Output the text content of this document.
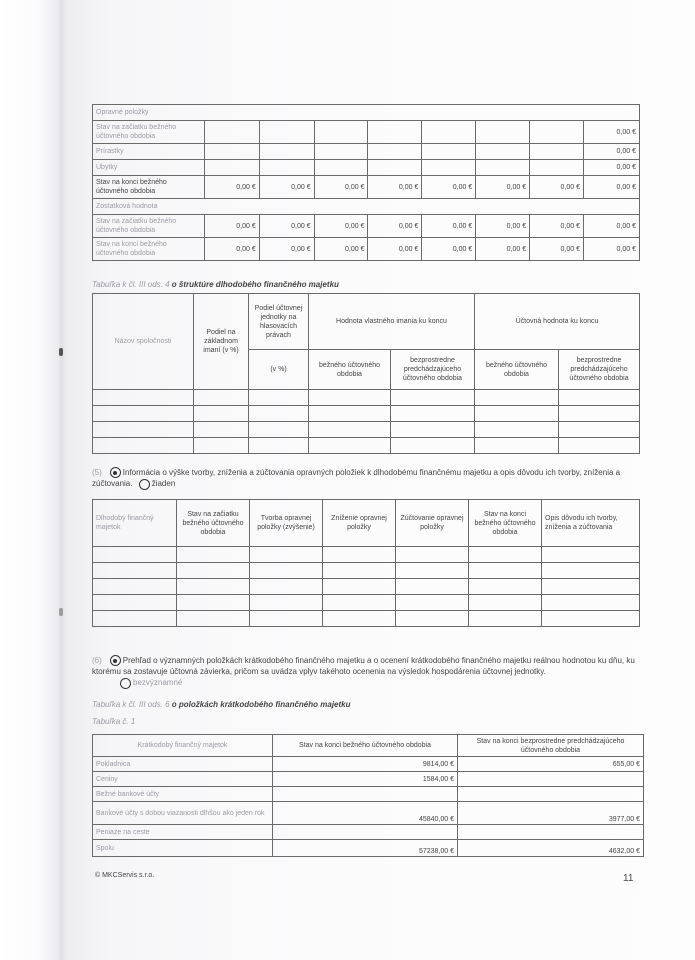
Opravné položky								
Stav na začiatku bežného účtovného obdobia								0,00 €
Prírastky								0,00 €
Úbytky								0,00 €
Stav na konci bežného účtovného obdobia	0,00 €	0,00 €	0,00 €	0,00 €	0,00 €	0,00 €	0,00 €	0,00 €
Zostatková hodnota								
Stav na začiatku bežného účtovného obdobia	0,00 €	0,00 €	0,00 €	0,00 €	0,00 €	0,00 €	0,00 €	0,00 €
Stav na konci bežného účtovného obdobia	0,00 €	0,00 €	0,00 €	0,00 €	0,00 €	0,00 €	0,00 €	0,00 €
Tabuľka k čl. III ods. 4 o štruktúre dlhodobého finančného majetku
Názov spoločnosti	Podiel na základnom imaní (v %)	Podiel účtovnej jednotky na hlasovacích právach	Hodnota vlastného imania ku koncu		Účtovná hodnota ku koncu	
		(v %)	bežného účtovného obdobia	bezprostredne predchádzajúceho účtovného obdobia	bežného účtovného obdobia	bezprostredne predchádzajúceho účtovného obdobia

(5)	Informácia o výške tvorby, zníženia a zúčtovania opravných položiek k dlhodobému finančnému majetku a opis dôvodu ich tvorby, zníženia a zúčtovania. žiaden
Dlhodobý finančný majetok	Stav na začiatku bežného účtovného obdobia	Tvorba opravnej položky (zvýšenie)	Zníženie opravnej položky	Zúčtovanie opravnej položky	Stav na konci bežného účtovného obdobia	Opis dôvodu ich tvorby, zníženia a zúčtovania

(6)	Prehľad o významných položkách krátkodobého finančného majetku a o ocenení krátkodobého finančného majetku reálnou hodnotou ku dňu, ku ktorému sa zostavuje účtovná závierka, pričom sa uvádza vplyv takéhoto ocenenia na výsledok hospodárenia účtovnej jednotky.
bezvýznamné
Tabuľka k čl. III ods. 6 o položkách krátkodobého finančného majetku
Tabuľka č. 1
Krátkodobý finančný majetok	Stav na konci bežného účtovného obdobia	Stav na konci bezprostredne predchádzajúceho účtovného obdobia
Pokladnica	9814,00 €	655,00 €
Ceniny	1584,00 €	
Bežné bankové účty		
Bankové účty s dobou viazanosti dlhšou ako jeden rok	45840,00 €	3977,00 €
Peniaze na ceste		
Spolu	57238,00 €	4632,00 €
© MKCServis s.r.o.	11
